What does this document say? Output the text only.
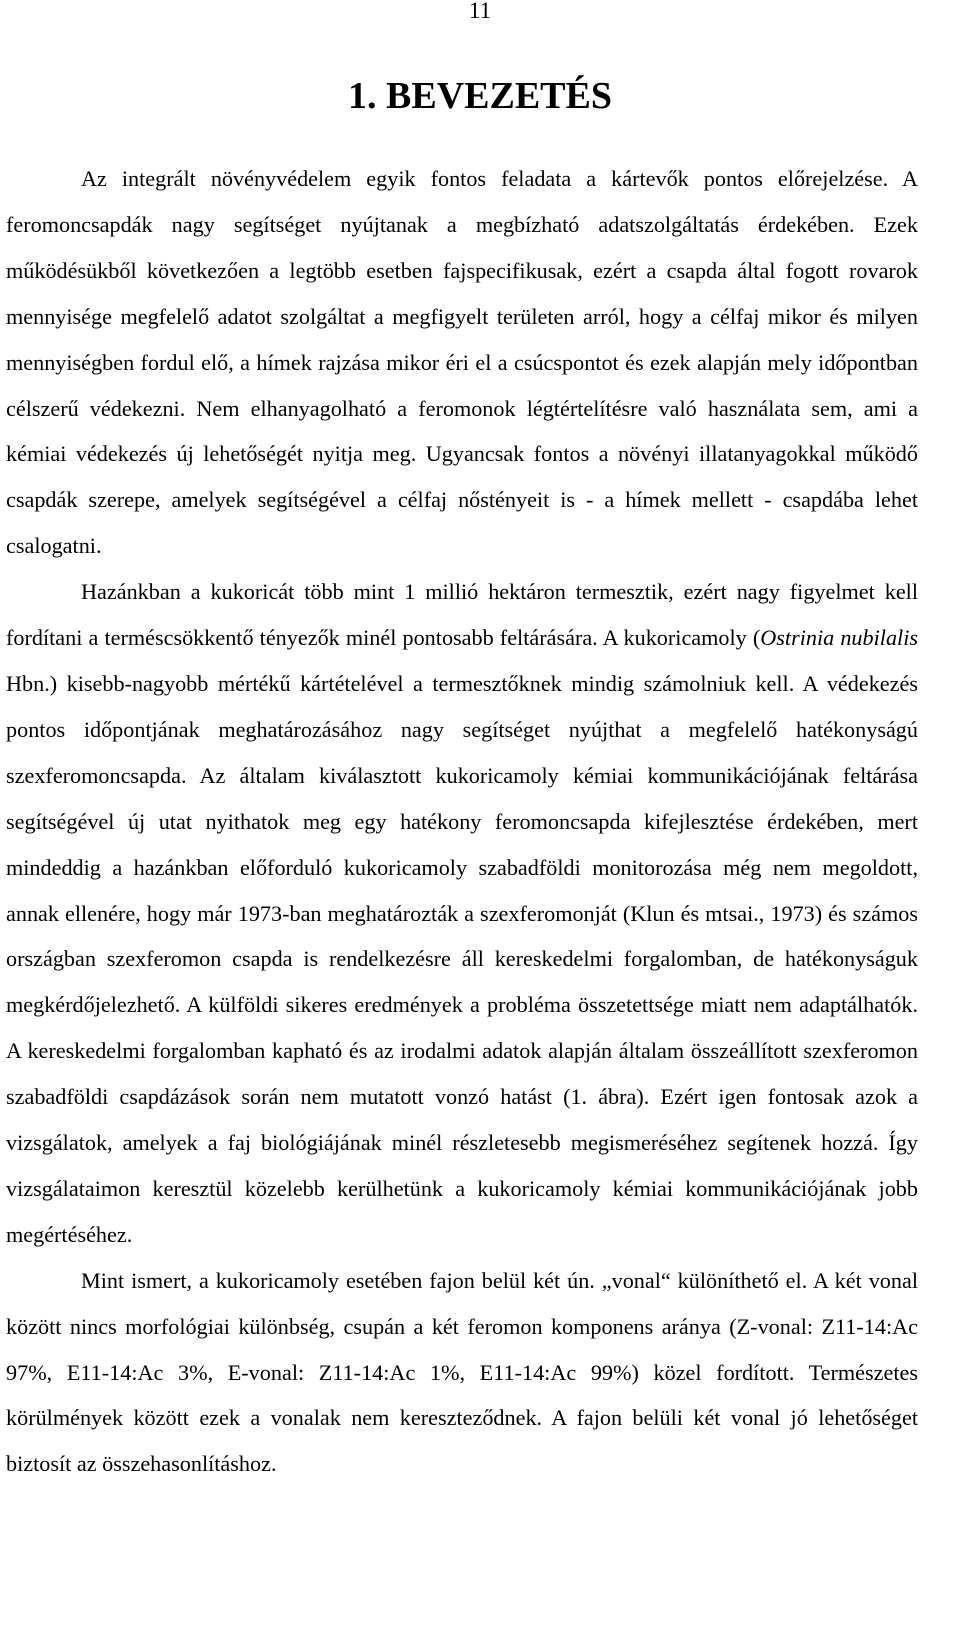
11
1. BEVEZETÉS

Az integrált növényvédelem egyik fontos feladata a kártevők pontos előrejelzése. A feromoncsapdák nagy segítséget nyújtanak a megbízható adatszolgáltatás érdekében. Ezek működésükből következően a legtöbb esetben fajspecifikusak, ezért a csapda által fogott rovarok mennyisége megfelelő adatot szolgáltat a megfigyelt területen arról, hogy a célfaj mikor és milyen mennyiségben fordul elő, a hímek rajzása mikor éri el a csúcspontot és ezek alapján mely időpontban célszerű védekezni. Nem elhanyagolható a feromonok légtértelítésre való használata sem, ami a kémiai védekezés új lehetőségét nyitja meg. Ugyancsak fontos a növényi illatanyagokkal működő csapdák szerepe, amelyek segítségével a célfaj nőstényeit is - a hímek mellett - csapdába lehet csalogatni.

Hazánkban a kukoricát több mint 1 millió hektáron termesztik, ezért nagy figyelmet kell fordítani a terméscsökkentő tényezők minél pontosabb feltárására. A kukoricamoly (Ostrinia nubilalis Hbn.) kisebb-nagyobb mértékű kártételével a termesztőknek mindig számolniuk kell. A védekezés pontos időpontjának meghatározásához nagy segítséget nyújthat a megfelelő hatékonyságú szexferomoncsapda. Az általam kiválasztott kukoricamoly kémiai kommunikációjának feltárása segítségével új utat nyithatok meg egy hatékony feromoncsapda kifejlesztése érdekében, mert mindeddig a hazánkban előforduló kukoricamoly szabadföldi monitorozása még nem megoldott, annak ellenére, hogy már 1973-ban meghatározták a szexferomonját (Klun és mtsai., 1973) és számos országban szexferomon csapda is rendelkezésre áll kereskedelmi forgalomban, de hatékonyságuk megkérdőjelezhető. A külföldi sikeres eredmények a probléma összetettsége miatt nem adaptálhatók. A kereskedelmi forgalomban kapható és az irodalmi adatok alapján általam összeállított szexferomon szabadföldi csapdázások során nem mutatott vonzó hatást (1. ábra). Ezért igen fontosak azok a vizsgálatok, amelyek a faj biológiájának minél részletesebb megismeréséhez segítenek hozzá. Így vizsgálataimon keresztül közelebb kerülhetünk a kukoricamoly kémiai kommunikációjának jobb megértéséhez.

Mint ismert, a kukoricamoly esetében fajon belül két ún. „vonal“ különíthető el. A két vonal között nincs morfológiai különbség, csupán a két feromon komponens aránya (Z-vonal: Z11-14:Ac 97%, E11-14:Ac 3%, E-vonal: Z11-14:Ac 1%, E11-14:Ac 99%) közel fordított. Természetes körülmények között ezek a vonalak nem kereszteződnek. A fajon belüli két vonal jó lehetőséget biztosít az összehasonlításhoz.
